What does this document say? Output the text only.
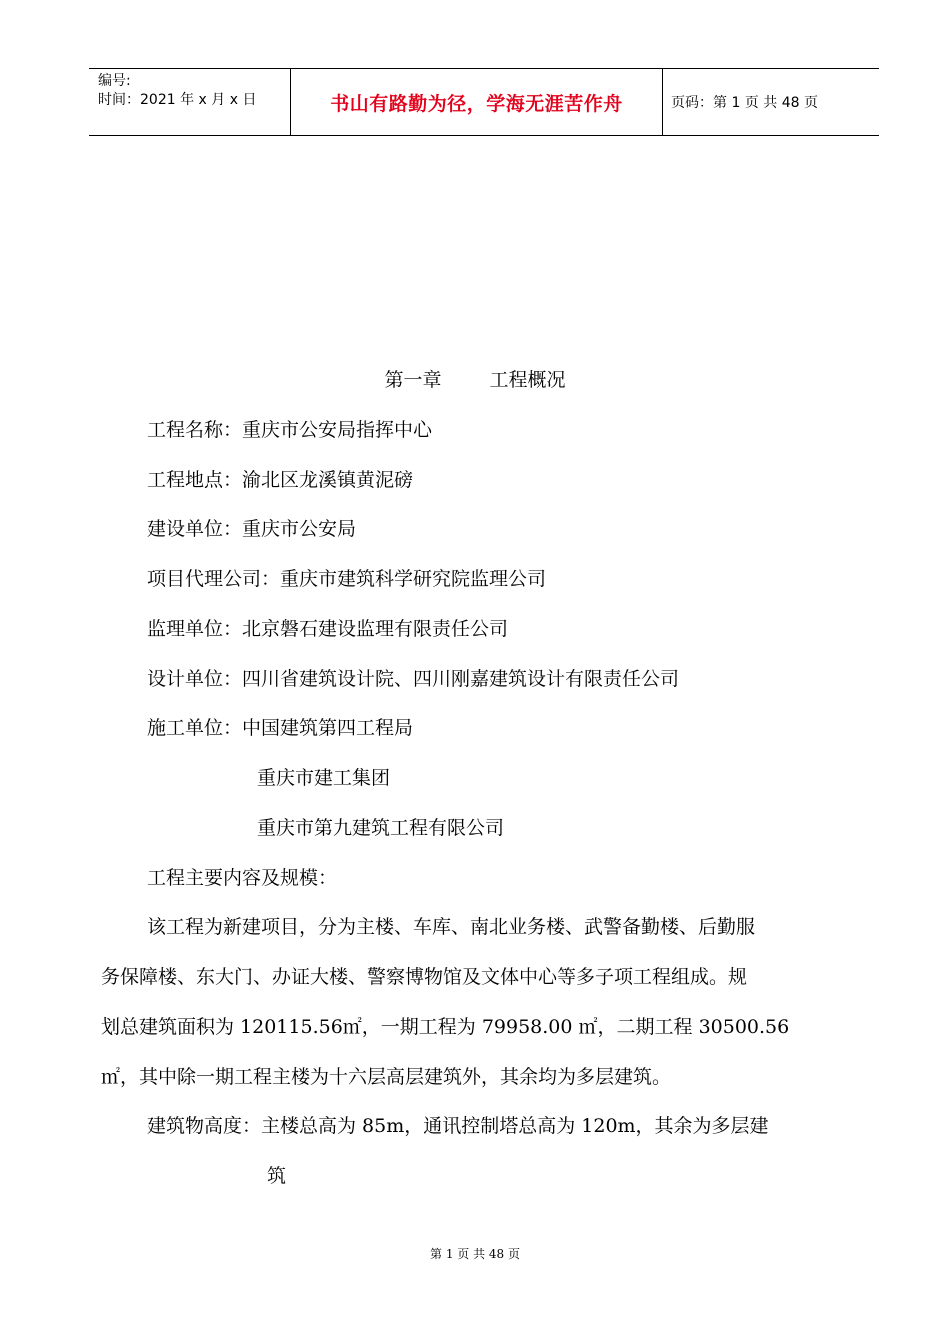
编号:
时间：2021 年 x 月 x 日	书山有路勤为径，学海无涯苦作舟	页码：第 1 页 共 48 页
第一章	工程概况
工程名称：重庆市公安局指挥中心
工程地点：渝北区龙溪镇黄泥磅
建设单位：重庆市公安局
项目代理公司：重庆市建筑科学研究院监理公司
监理单位：北京磐石建设监理有限责任公司
设计单位：四川省建筑设计院、四川刚嘉建筑设计有限责任公司
施工单位：中国建筑第四工程局
重庆市建工集团
重庆市第九建筑工程有限公司
工程主要内容及规模：
该工程为新建项目，分为主楼、车库、南北业务楼、武警备勤楼、后勤服
务保障楼、东大门、办证大楼、警察博物馆及文体中心等多子项工程组成。规
划总建筑面积为 120115.56㎡，一期工程为 79958.00 ㎡，二期工程 30500.56
㎡，其中除一期工程主楼为十六层高层建筑外，其余均为多层建筑。
建筑物高度：主楼总高为 85m，通讯控制塔总高为 120m，其余为多层建
筑
第 1 页 共 48 页
